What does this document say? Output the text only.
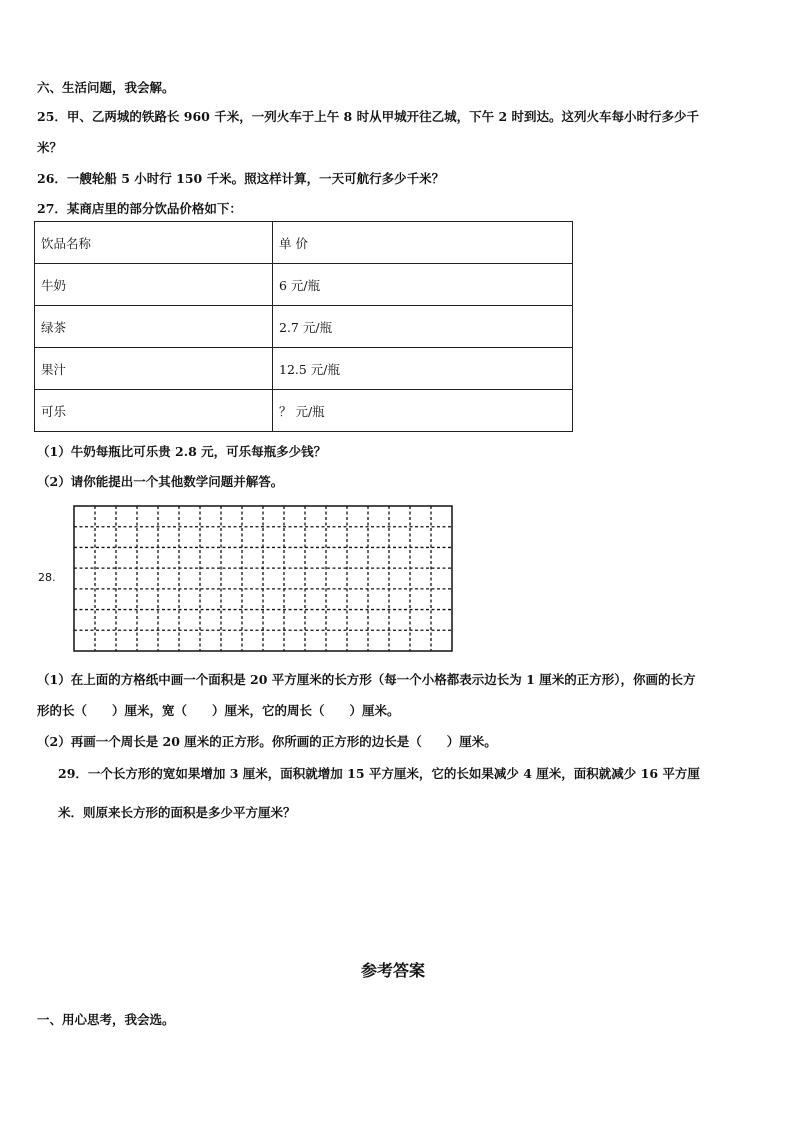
六、生活问题，我会解。
25．甲、乙两城的铁路长 960 千米，一列火车于上午 8 时从甲城开往乙城，下午 2 时到达。这列火车每小时行多少千
米？
26．一艘轮船 5 小时行 150 千米。照这样计算，一天可航行多少千米？
27．某商店里的部分饮品价格如下：
饮品名称	单 价
牛奶	6 元/瓶
绿茶	2.7 元/瓶
果汁	12.5 元/瓶
可乐	？ 元/瓶
（1）牛奶每瓶比可乐贵 2.8 元，可乐每瓶多少钱？
（2）请你能提出一个其他数学问题并解答。
28.
（1）在上面的方格纸中画一个面积是 20 平方厘米的长方形（每一个小格都表示边长为 1 厘米的正方形），你画的长方
形的长（　　）厘米，宽（　　）厘米，它的周长（　　）厘米。
（2）再画一个周长是 20 厘米的正方形。你所画的正方形的边长是（　　）厘米。
29．一个长方形的宽如果增加 3 厘米，面积就增加 15 平方厘米，它的长如果减少 4 厘米，面积就减少 16 平方厘
米．则原来长方形的面积是多少平方厘米？
参考答案
一、用心思考，我会选。
